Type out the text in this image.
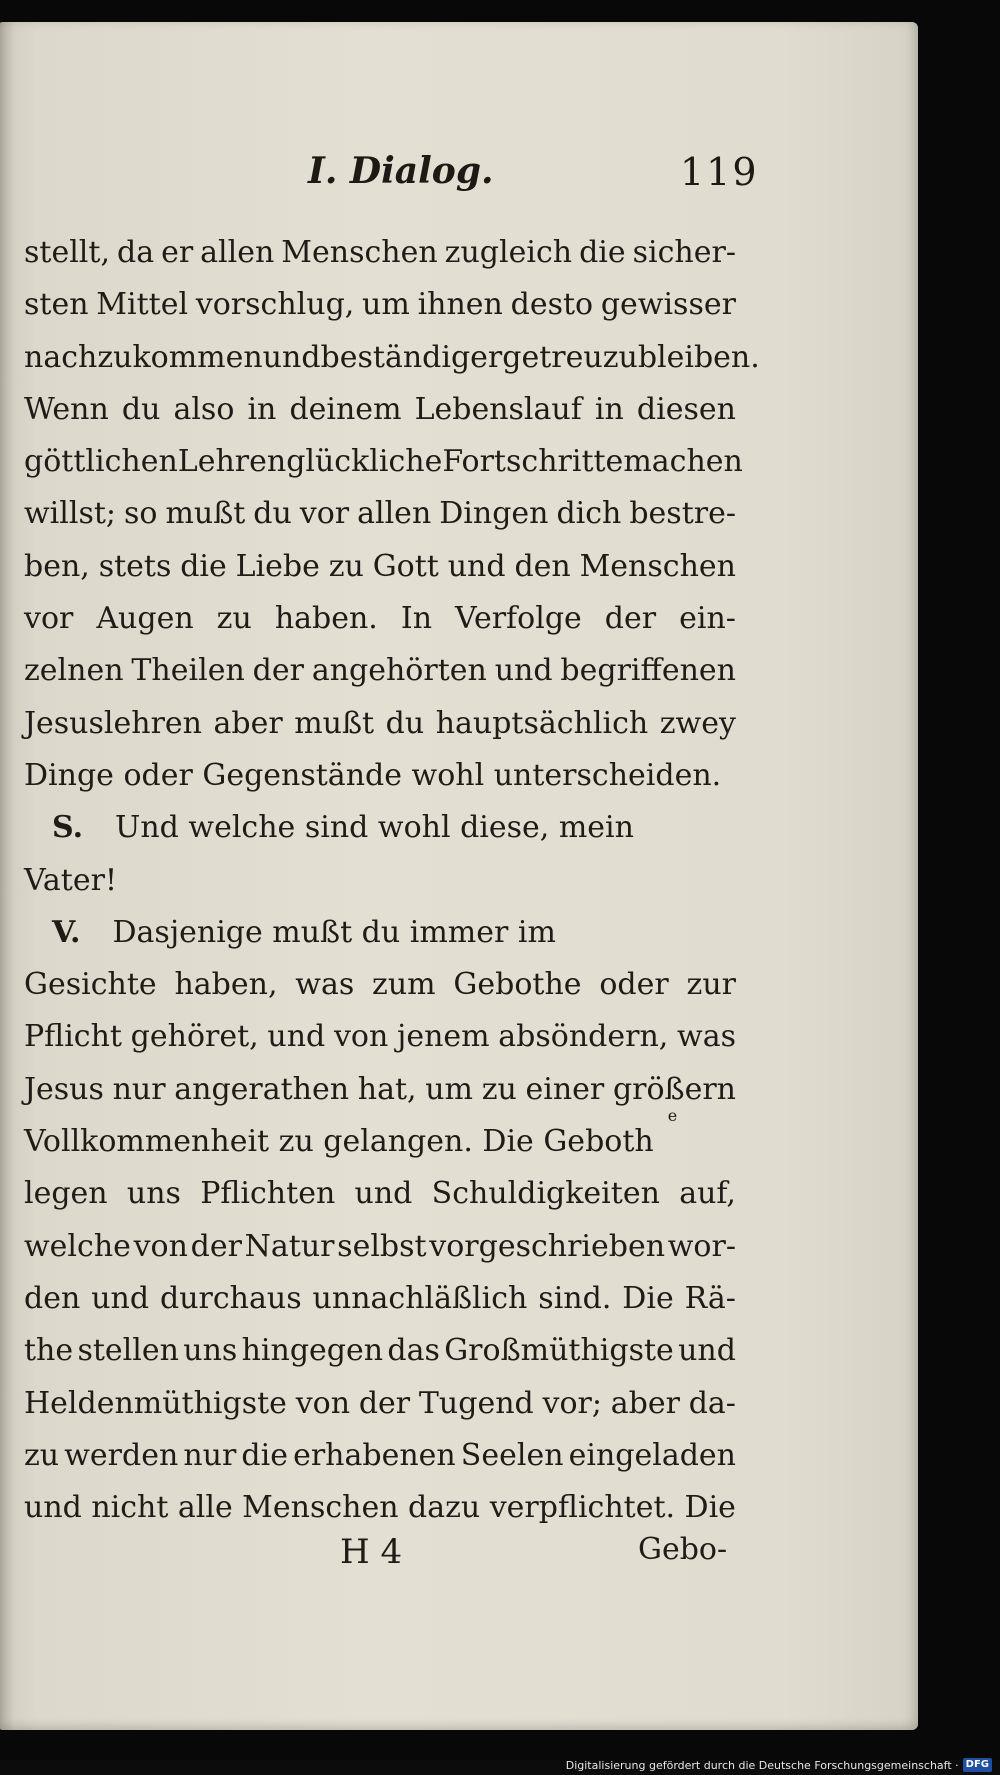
I. Dialog.	119
stellt, da er allen Menschen zugleich die sicher-
sten Mittel vorschlug, um ihnen desto gewisser
nachzukommen und beständiger getreu zu bleiben.
Wenn du also in deinem Lebenslauf in diesen
göttlichen Lehren glückliche Fortschritte machen
willst; so mußt du vor allen Dingen dich bestre-
ben, stets die Liebe zu Gott und den Menschen
vor Augen zu haben. In Verfolge der ein-
zelnen Theilen der angehörten und begriffenen
Jesuslehren aber mußt du hauptsächlich zwey
Dinge oder Gegenstände wohl unterscheiden.
S. Und welche sind wohl diese, mein
Vater!
V. Dasjenige mußt du immer im
Gesichte haben, was zum Gebothe oder zur
Pflicht gehöret, und von jenem absöndern, was
Jesus nur angerathen hat, um zu einer größern
Vollkommenheit zu gelangen. Die Geboth
e
legen uns Pflichten und Schuldigkeiten auf,
welche von der Natur selbst vorgeschrieben wor-
den und durchaus unnachläßlich sind. Die Rä-
the stellen uns hingegen das Großmüthigste und
Heldenmüthigste von der Tugend vor; aber da-
zu werden nur die erhabenen Seelen eingeladen
und nicht alle Menschen dazu verpflichtet. Die
H 4	Gebo-
Digitalisierung gefördert durch die Deutsche Forschungsgemeinschaft · DFG
